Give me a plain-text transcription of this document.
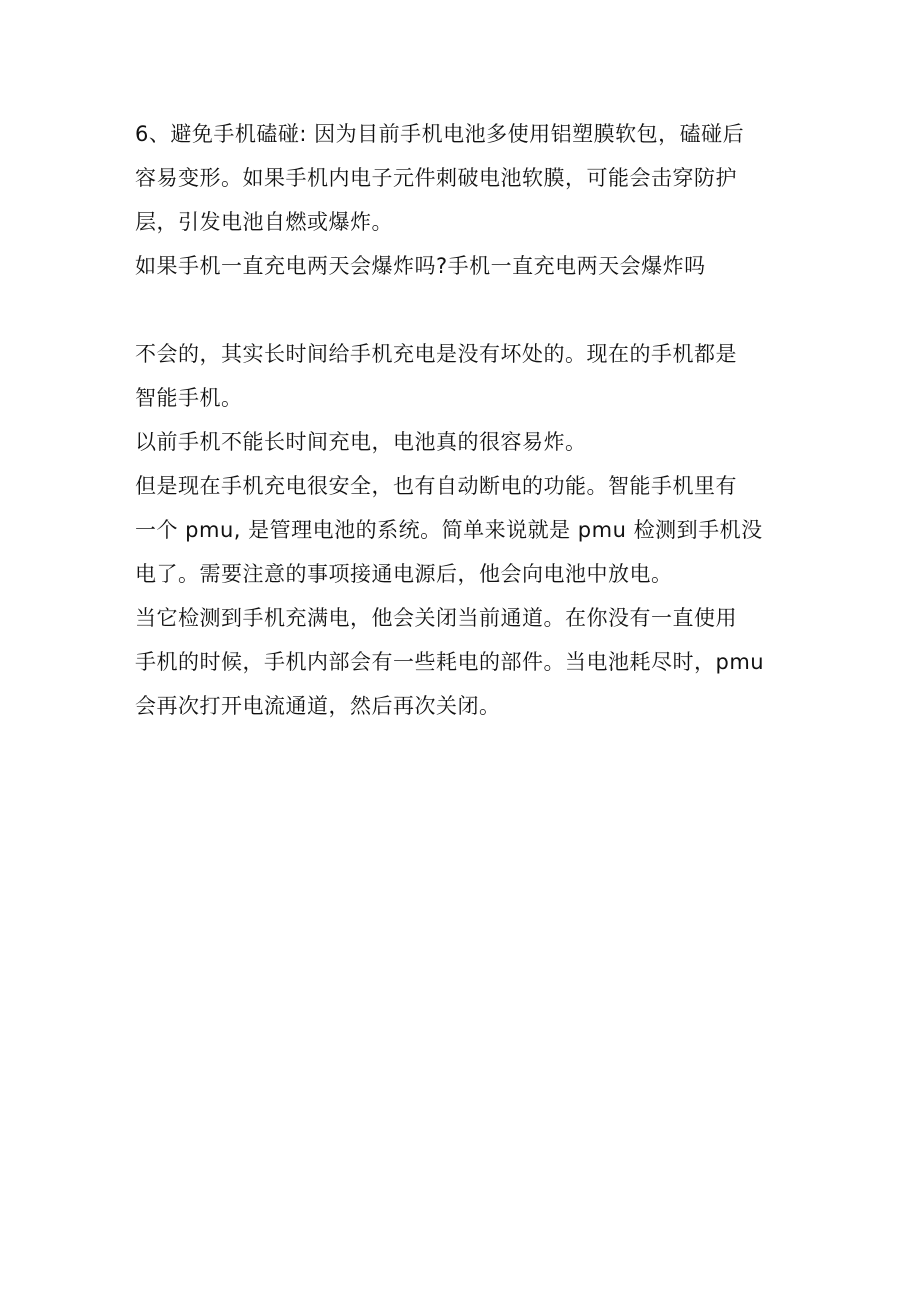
6、避免手机磕碰: 因为目前手机电池多使用铝塑膜软包，磕碰后
容易变形。如果手机内电子元件刺破电池软膜，可能会击穿防护
层，引发电池自燃或爆炸。
如果手机一直充电两天会爆炸吗?手机一直充电两天会爆炸吗
不会的，其实长时间给手机充电是没有坏处的。现在的手机都是
智能手机。
以前手机不能长时间充电，电池真的很容易炸。
但是现在手机充电很安全，也有自动断电的功能。智能手机里有
一个 pmu, 是管理电池的系统。简单来说就是 pmu 检测到手机没
电了。需要注意的事项接通电源后，他会向电池中放电。
当它检测到手机充满电，他会关闭当前通道。在你没有一直使用
手机的时候，手机内部会有一些耗电的部件。当电池耗尽时，pmu
会再次打开电流通道，然后再次关闭。
